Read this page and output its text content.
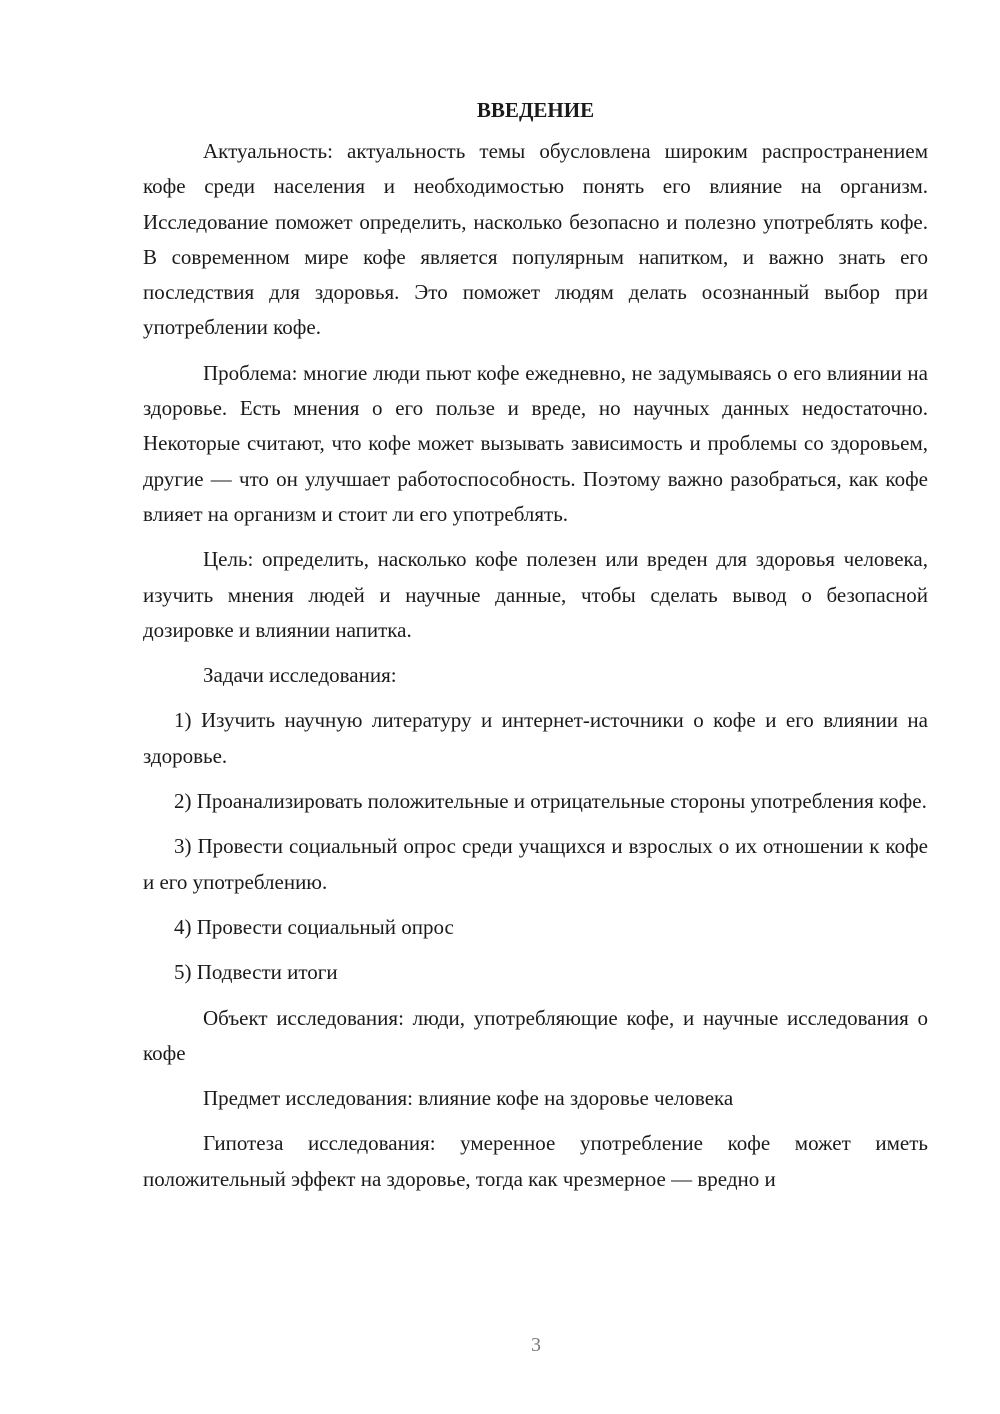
ВВЕДЕНИЕ

Актуальность: актуальность темы обусловлена широким распространением кофе среди населения и необходимостью понять его влияние на организм. Исследование поможет определить, насколько безопасно и полезно употреблять кофе. В современном мире кофе является популярным напитком, и важно знать его последствия для здоровья. Это поможет людям делать осознанный выбор при употреблении кофе.

Проблема: многие люди пьют кофе ежедневно, не задумываясь о его влиянии на здоровье. Есть мнения о его пользе и вреде, но научных данных недостаточно. Некоторые считают, что кофе может вызывать зависимость и проблемы со здоровьем, другие — что он улучшает работоспособность. Поэтому важно разобраться, как кофе влияет на организм и стоит ли его употреблять.

Цель: определить, насколько кофе полезен или вреден для здоровья человека, изучить мнения людей и научные данные, чтобы сделать вывод о безопасной дозировке и влиянии напитка.

Задачи исследования:

1) Изучить научную литературу и интернет-источники о кофе и его влиянии на здоровье.

2) Проанализировать положительные и отрицательные стороны употребления кофе.

3) Провести социальный опрос среди учащихся и взрослых о их отношении к кофе и его употреблению.

4) Провести социальный опрос

5) Подвести итоги

Объект исследования: люди, употребляющие кофе, и научные исследования о кофе

Предмет исследования: влияние кофе на здоровье человека

Гипотеза исследования: умеренное употребление кофе может иметь положительный эффект на здоровье, тогда как чрезмерное — вредно и

3
